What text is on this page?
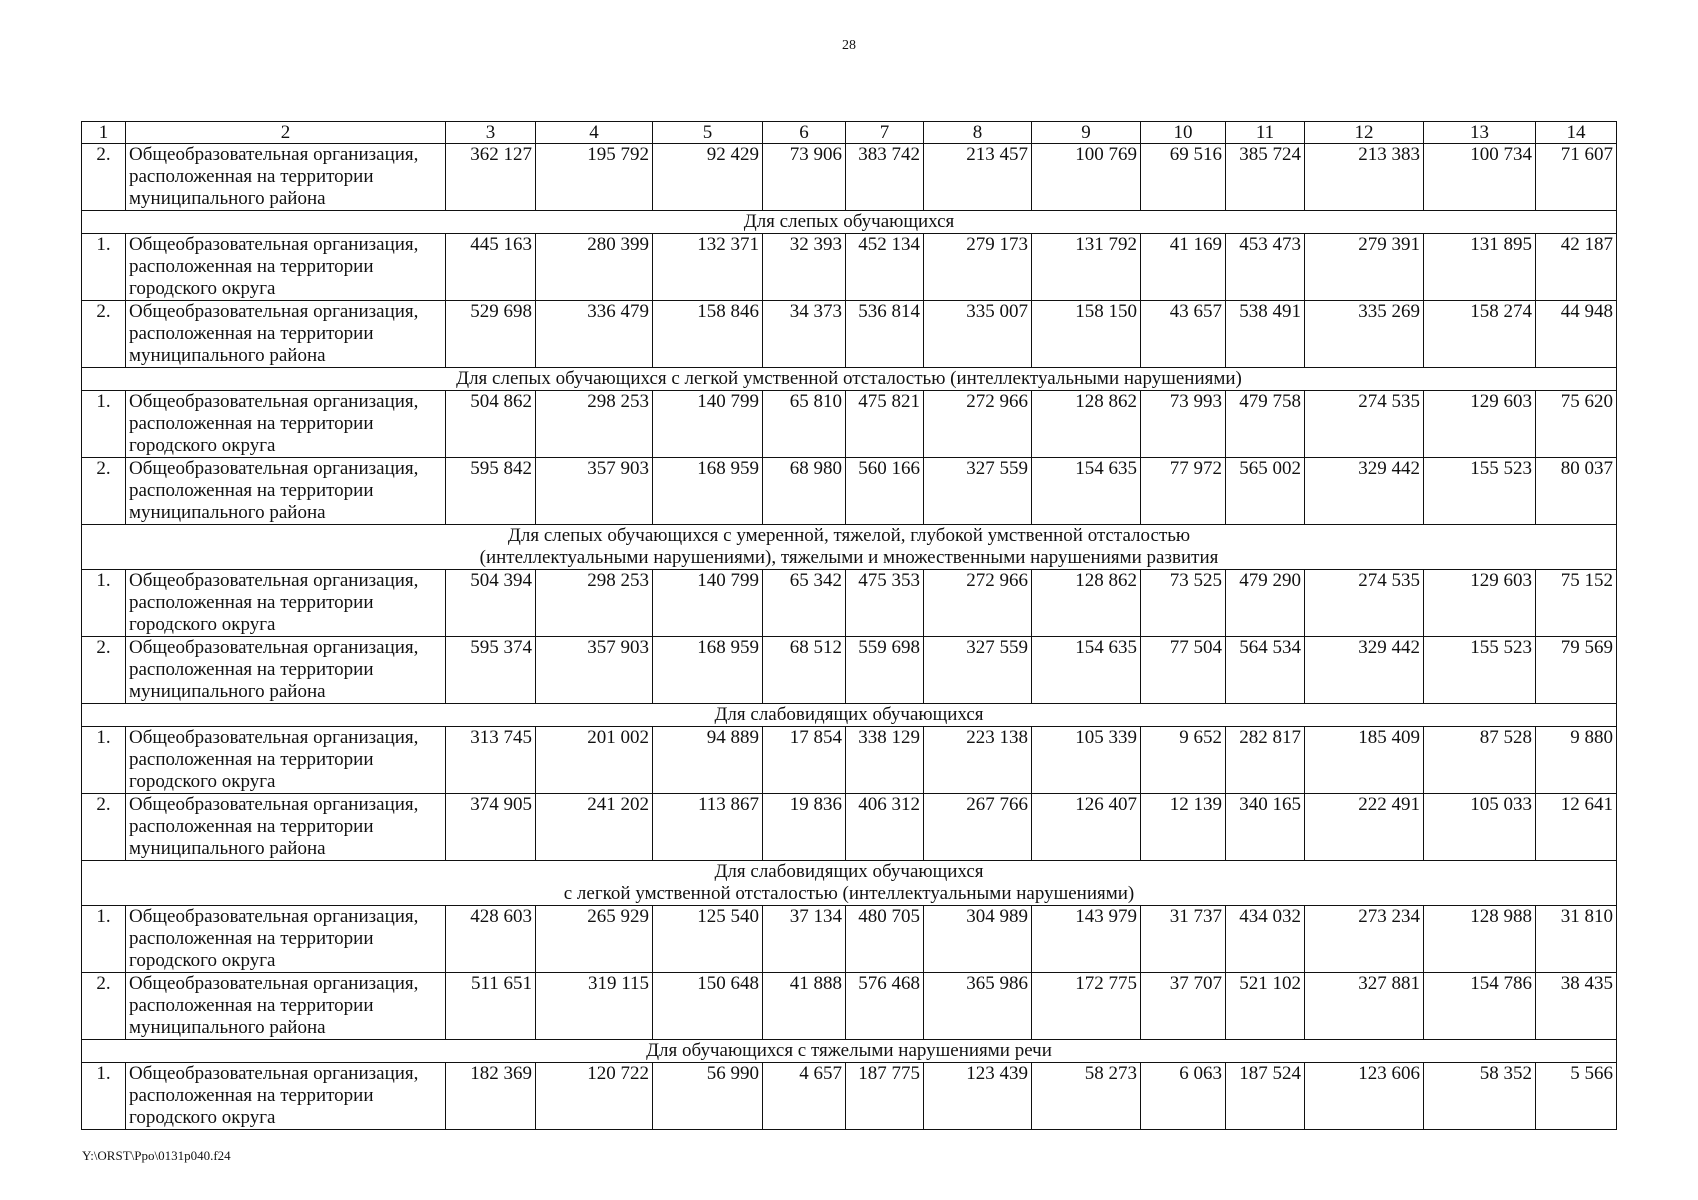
28
1	2	3	4	5	6	7	8	9	10	11	12	13	14
2.	Общеобразовательная организация,
расположенная на территории
муниципального района	362 127	195 792	92 429	73 906	383 742	213 457	100 769	69 516	385 724	213 383	100 734	71 607

Для слепых обучающихся													

1.	Общеобразовательная организация,
расположенная на территории
городского округа	445 163	280 399	132 371	32 393	452 134	279 173	131 792	41 169	453 473	279 391	131 895	42 187
2.	Общеобразовательная организация,
расположенная на территории
муниципального района	529 698	336 479	158 846	34 373	536 814	335 007	158 150	43 657	538 491	335 269	158 274	44 948

Для слепых обучающихся с легкой умственной отсталостью (интеллектуальными нарушениями)													

1.	Общеобразовательная организация,
расположенная на территории
городского округа	504 862	298 253	140 799	65 810	475 821	272 966	128 862	73 993	479 758	274 535	129 603	75 620
2.	Общеобразовательная организация,
расположенная на территории
муниципального района	595 842	357 903	168 959	68 980	560 166	327 559	154 635	77 972	565 002	329 442	155 523	80 037

Для слепых обучающихся с умеренной, тяжелой, глубокой умственной отсталостью
(интеллектуальными нарушениями), тяжелыми и множественными нарушениями развития													

1.	Общеобразовательная организация,
расположенная на территории
городского округа	504 394	298 253	140 799	65 342	475 353	272 966	128 862	73 525	479 290	274 535	129 603	75 152
2.	Общеобразовательная организация,
расположенная на территории
муниципального района	595 374	357 903	168 959	68 512	559 698	327 559	154 635	77 504	564 534	329 442	155 523	79 569

Для слабовидящих обучающихся													

1.	Общеобразовательная организация,
расположенная на территории
городского округа	313 745	201 002	94 889	17 854	338 129	223 138	105 339	9 652	282 817	185 409	87 528	9 880
2.	Общеобразовательная организация,
расположенная на территории
муниципального района	374 905	241 202	113 867	19 836	406 312	267 766	126 407	12 139	340 165	222 491	105 033	12 641

Для слабовидящих обучающихся
с легкой умственной отсталостью (интеллектуальными нарушениями)													

1.	Общеобразовательная организация,
расположенная на территории
городского округа	428 603	265 929	125 540	37 134	480 705	304 989	143 979	31 737	434 032	273 234	128 988	31 810
2.	Общеобразовательная организация,
расположенная на территории
муниципального района	511 651	319 115	150 648	41 888	576 468	365 986	172 775	37 707	521 102	327 881	154 786	38 435

Для обучающихся с тяжелыми нарушениями речи													

1.	Общеобразовательная организация,
расположенная на территории
городского округа	182 369	120 722	56 990	4 657	187 775	123 439	58 273	6 063	187 524	123 606	58 352	5 566
Y:\ORST\Ppo\0131p040.f24
